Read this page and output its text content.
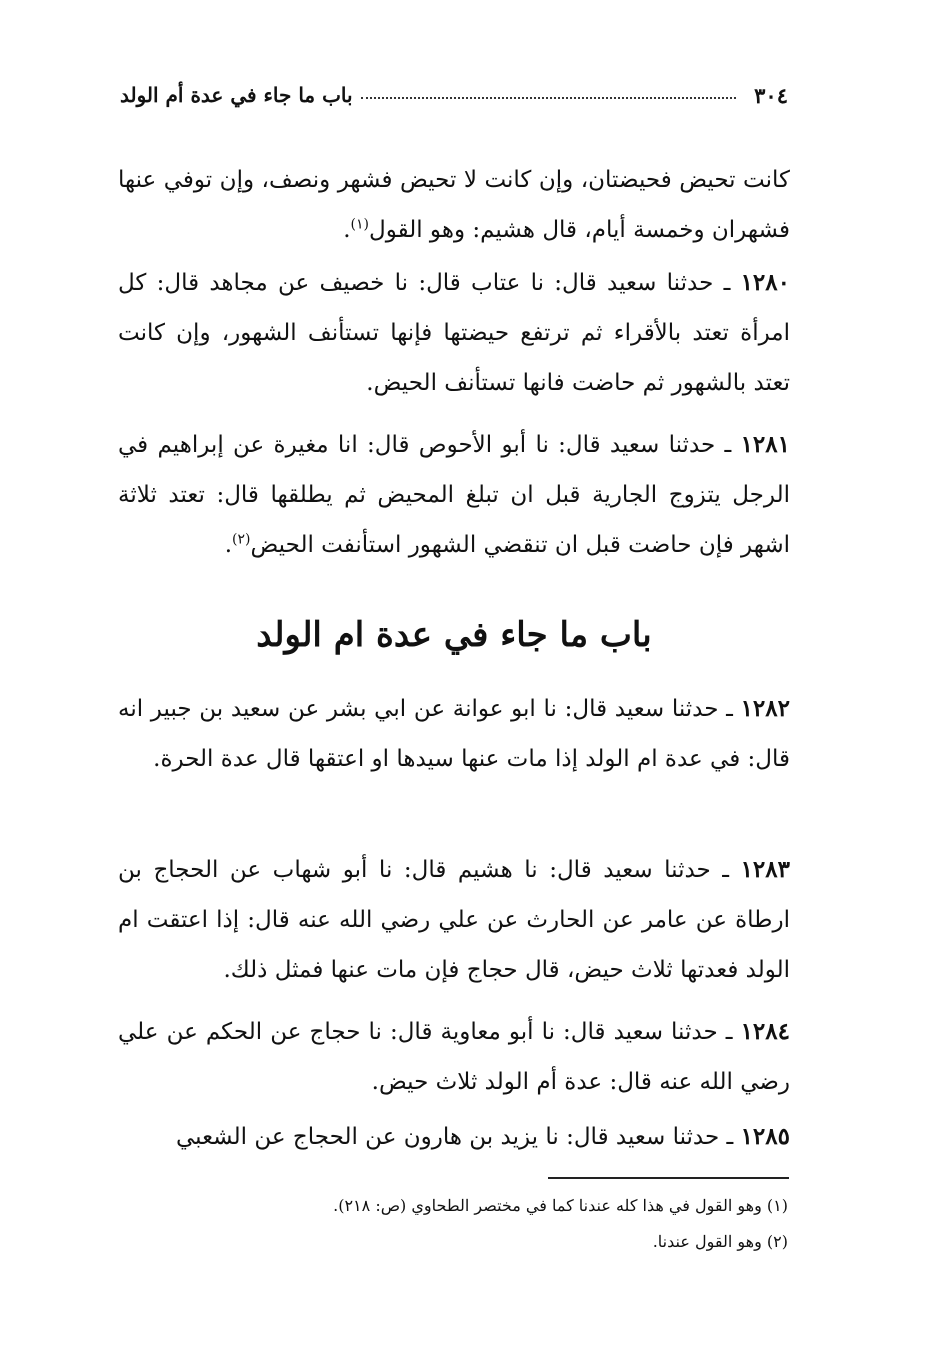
٣٠٤
باب ما جاء في عدة أم الولد
كانت تحيض فحيضتان، وإن كانت لا تحيض فشهر ونصف، وإن توفي عنها فشهران وخمسة أيام، قال هشيم: وهو القول$^{(١)}$.
١٢٨٠ ـ حدثنا سعيد قال: نا عتاب قال: نا خصيف عن مجاهد قال: كل امرأة تعتد بالأقراء ثم ترتفع حيضتها فإنها تستأنف الشهور، وإن كانت تعتد بالشهور ثم حاضت فانها تستأنف الحيض.
١٢٨١ ـ حدثنا سعيد قال: نا أبو الأحوص قال: انا مغيرة عن إبراهيم في الرجل يتزوج الجارية قبل ان تبلغ المحيض ثم يطلقها قال: تعتد ثلاثة اشهر فإن حاضت قبل ان تنقضي الشهور استأنفت الحيض$^{(٢)}$.
باب ما جاء في عدة ام الولد
١٢٨٢ ـ حدثنا سعيد قال: نا ابو عوانة عن ابي بشر عن سعيد بن جبير انه قال: في عدة ام الولد إذا مات عنها سيدها او اعتقها قال عدة الحرة.
١٢٨٣ ـ حدثنا سعيد قال: نا هشيم قال: نا أبو شهاب عن الحجاج بن ارطاة عن عامر عن الحارث عن علي رضي الله عنه قال: إذا اعتقت ام الولد فعدتها ثلاث حيض، قال حجاج فإن مات عنها فمثل ذلك.
١٢٨٤ ـ حدثنا سعيد قال: نا أبو معاوية قال: نا حجاج عن الحكم عن علي رضي الله عنه قال: عدة أم الولد ثلاث حيض.
١٢٨٥ ـ حدثنا سعيد قال: نا يزيد بن هارون عن الحجاج عن الشعبي
(١) وهو القول في هذا كله عندنا كما في مختصر الطحاوي (ص: ٢١٨).
(٢) وهو القول عندنا.
